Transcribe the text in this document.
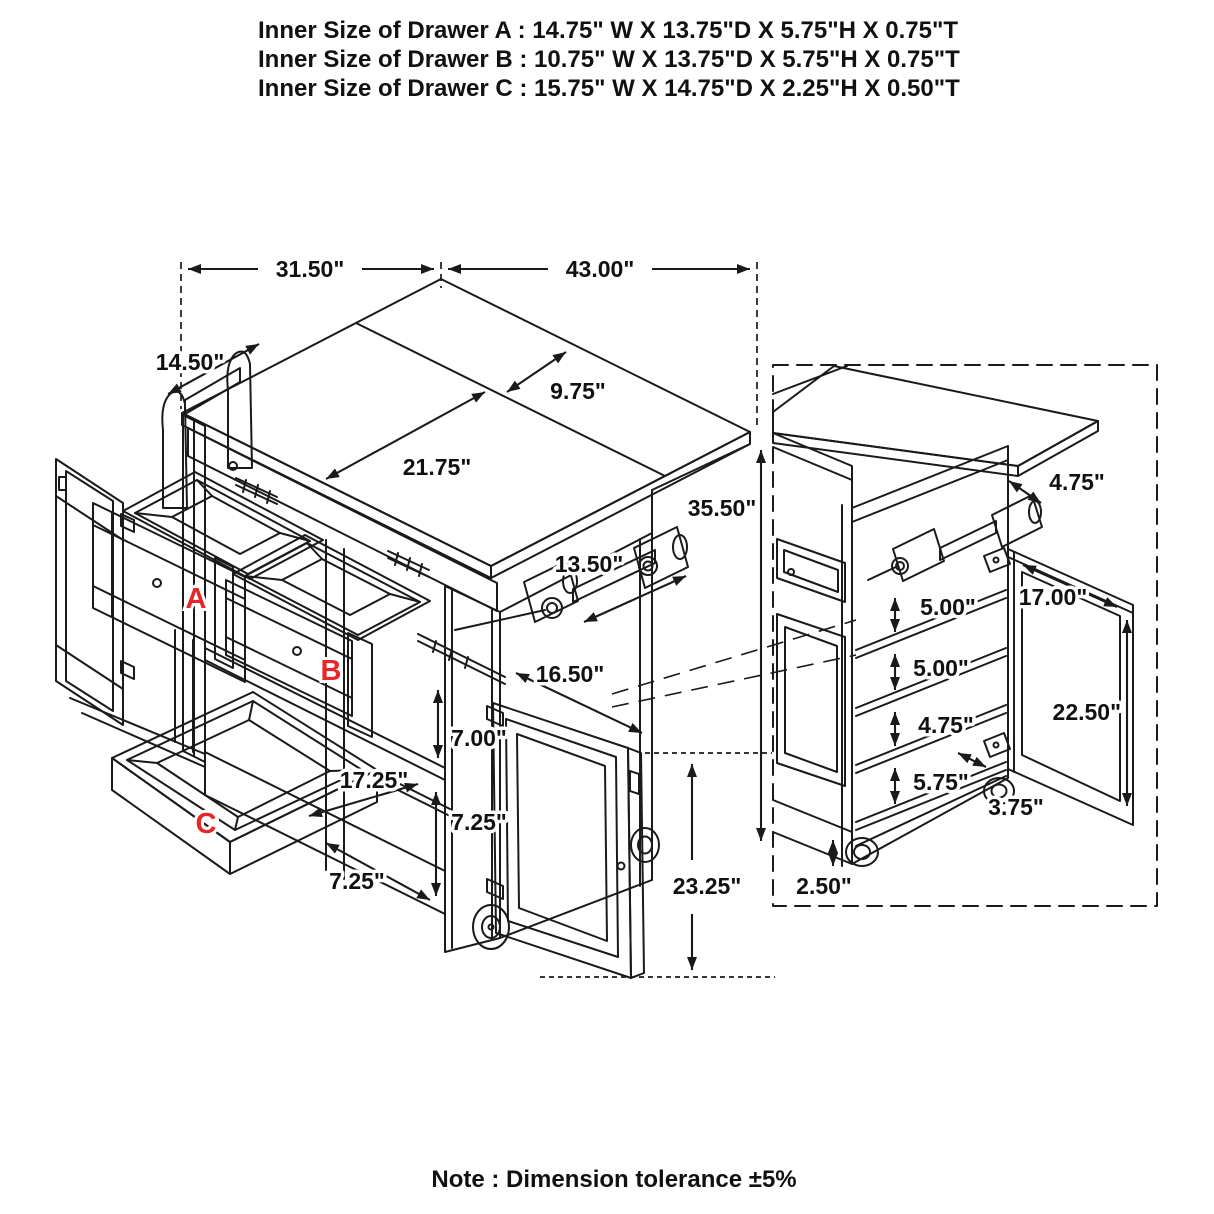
Inner Size of Drawer A : 14.75" W X 13.75"D X 5.75"H X 0.75"T
Inner Size of Drawer B : 10.75" W X 13.75"D X 5.75"H X 0.75"T
Inner Size of Drawer C : 15.75" W X 14.75"D X 2.25"H X 0.50"T
B
A
C
31.50"	43.00"
14.50"
9.75"
21.75"
35.50"
13.50"
16.50"
7.00"
17.25"
7.25"
7.25"	23.25"
4.75"
17.00"
5.00"
5.00"
4.75"
5.75"
22.50"
3.75"
2.50"
Note : Dimension tolerance ±5%
